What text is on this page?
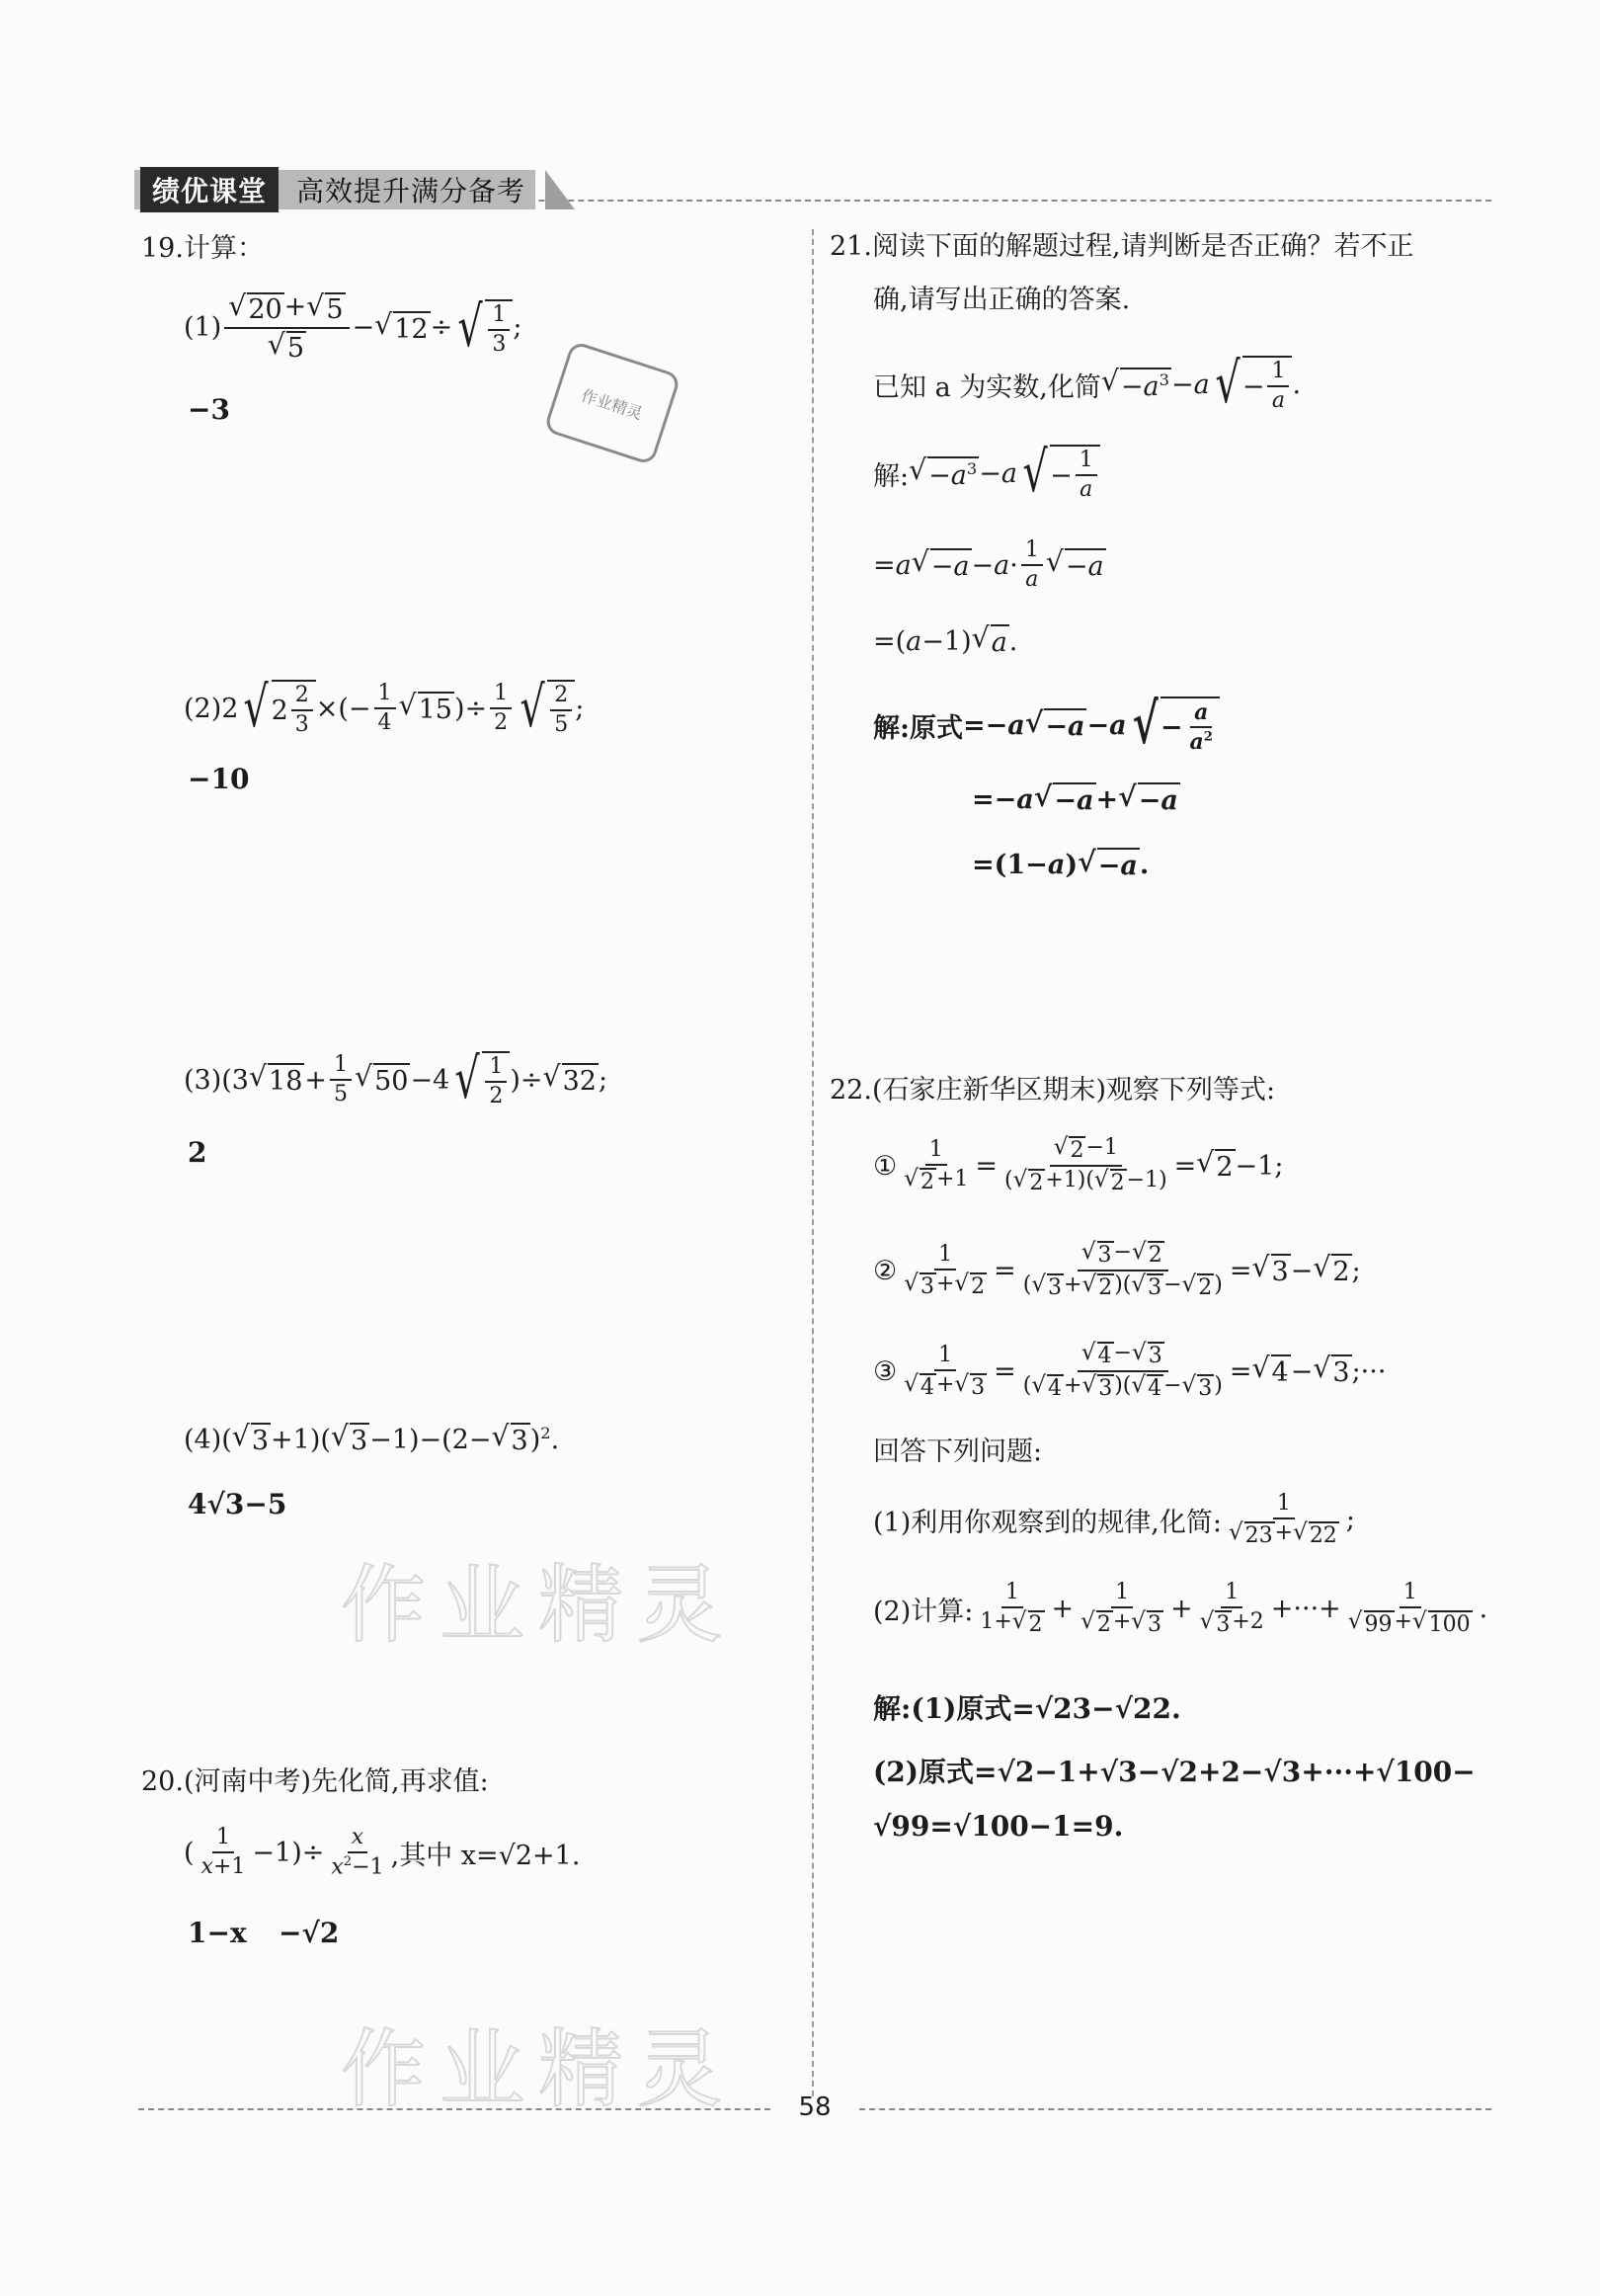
绩优课堂	高效提升满分备考
作业精灵
作业精灵
作业精灵
19.计算：
$(1) \frac{√ 20 + √ 5}{√ 5}$ − √ 12 ÷ √ $\frac{1}{3}$ ;
−3
(2) 2 √ $2 \frac{2}{3}$ ×(− $\frac{1}{4}$ √ 15 )÷ $\frac{1}{2}$ √ $\frac{2}{5}$ ;
−10
(3) (3 √ $18 + \frac{1}{5}$ √ 50 −4 √ $\frac{1}{2}$ )÷ √ 32 ;
2
(4) ( √ 3 +1)( √ 3 −1)−(2− √ 3 )$^2$.
4√3−5
20.(河南中考)先化简,再求值:
( $\frac{1}{x+1} -1)\div \frac{x}{x^2-1}$ ,其中 x=√2+1.
1−x −√2
21.阅读下面的解题过程,请判断是否正确？若不正
确,请写出正确的答案.
已知 a 为实数,化简 √ $-a^3 -a$ √ − $\frac{1}{a}$ .
解: √ $-a^3 -a$ √ − $\frac{1}{a}$
=a √ $-a -a\cdot \frac{1}{a}$ √ −a
=(a−1) √ a .
解:原式 =−a √ −a −a √ − $\frac{a}{a^2}$
=−a √ −a + √ −a
=(1−a) √ −a .
22.(石家庄新华区期末)观察下列等式:
① $\frac{1}{√ 2 +1} = \frac{√ 2 -1}{( √ 2 +1)( √ 2 -1)}$ = √ 2 −1;
② $\frac{1}{√ 3 + √ 2} = \frac{√ 3 - √ 2}{( √ 3 + √ 2 )( √ 3 - √ 2 )}$ = √ 3 − √ 2 ;
③ $\frac{1}{√ 4 + √ 3} = \frac{√ 4 - √ 3}{( √ 4 + √ 3 )( √ 4 - √ 3 )}$ = √ 4 − √ 3 ;···
回答下列问题:
(1)利用你观察到的规律,化简: $\frac{1}{√ 23 + √ 22}$ ;
(2)计算: $\frac{1}{1+ √ 2} + \frac{1}{√ 2 + √ 3} + \frac{1}{√ 3 +2}$ +···+ $\frac{1}{√ 99 + √ 100}$ .
解:(1)原式=√23−√22.
(2)原式=√2−1+√3−√2+2−√3+···+√100−
√99=√100−1=9.
58
